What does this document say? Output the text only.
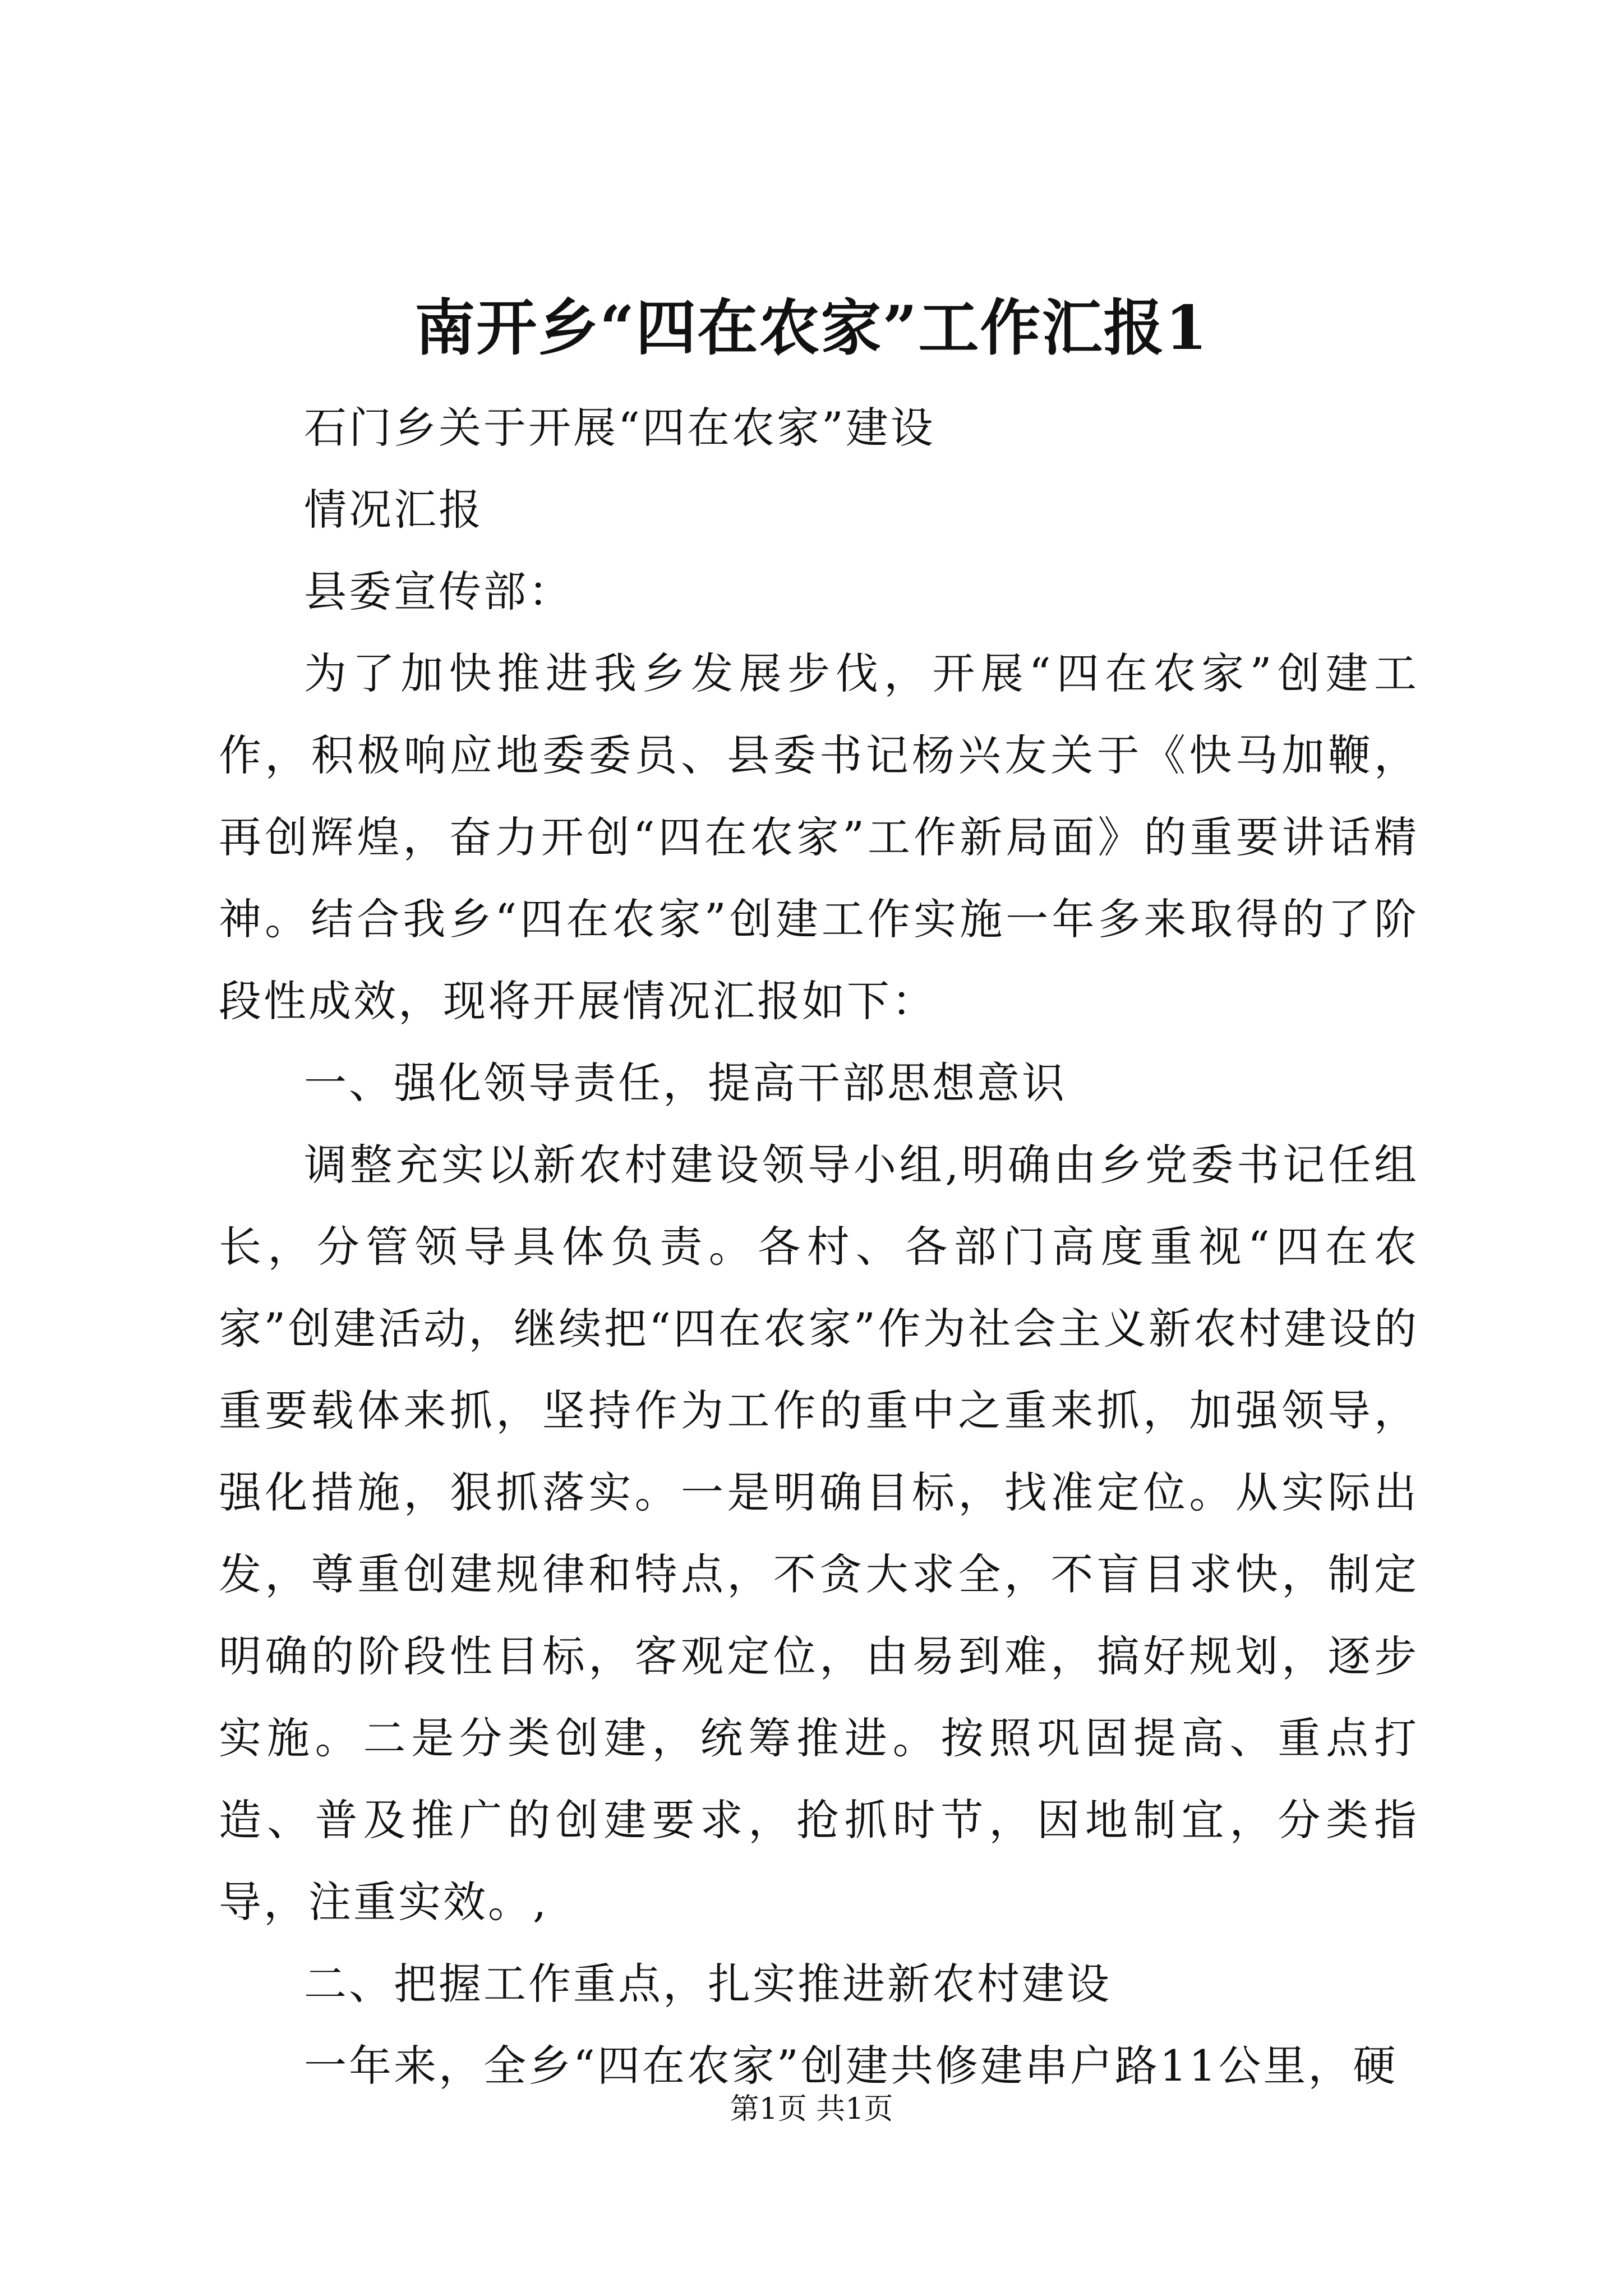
南开乡“四在农家”工作汇报1

石门乡关于开展“四在农家”建设

情况汇报

县委宣传部：

为了加快推进我乡发展步伐，开展“四在农家”创建工作，积极响应地委委员、县委书记杨兴友关于《快马加鞭，再创辉煌，奋力开创“四在农家”工作新局面》的重要讲话精神。结合我乡“四在农家”创建工作实施一年多来取得的了阶段性成效，现将开展情况汇报如下：

一、强化领导责任，提高干部思想意识

调整充实以新农村建设领导小组,明确由乡党委书记任组长，分管领导具体负责。各村、各部门高度重视“四在农家”创建活动，继续把“四在农家”作为社会主义新农村建设的重要载体来抓，坚持作为工作的重中之重来抓，加强领导，强化措施，狠抓落实。一是明确目标，找准定位。从实际出发，尊重创建规律和特点，不贪大求全，不盲目求快，制定明确的阶段性目标，客观定位，由易到难，搞好规划，逐步实施。二是分类创建，统筹推进。按照巩固提高、重点打造、普及推广的创建要求，抢抓时节，因地制宜，分类指导，注重实效。,

二、把握工作重点，扎实推进新农村建设

一年来，全乡“四在农家”创建共修建串户路11公里，硬

第1页 共1页
